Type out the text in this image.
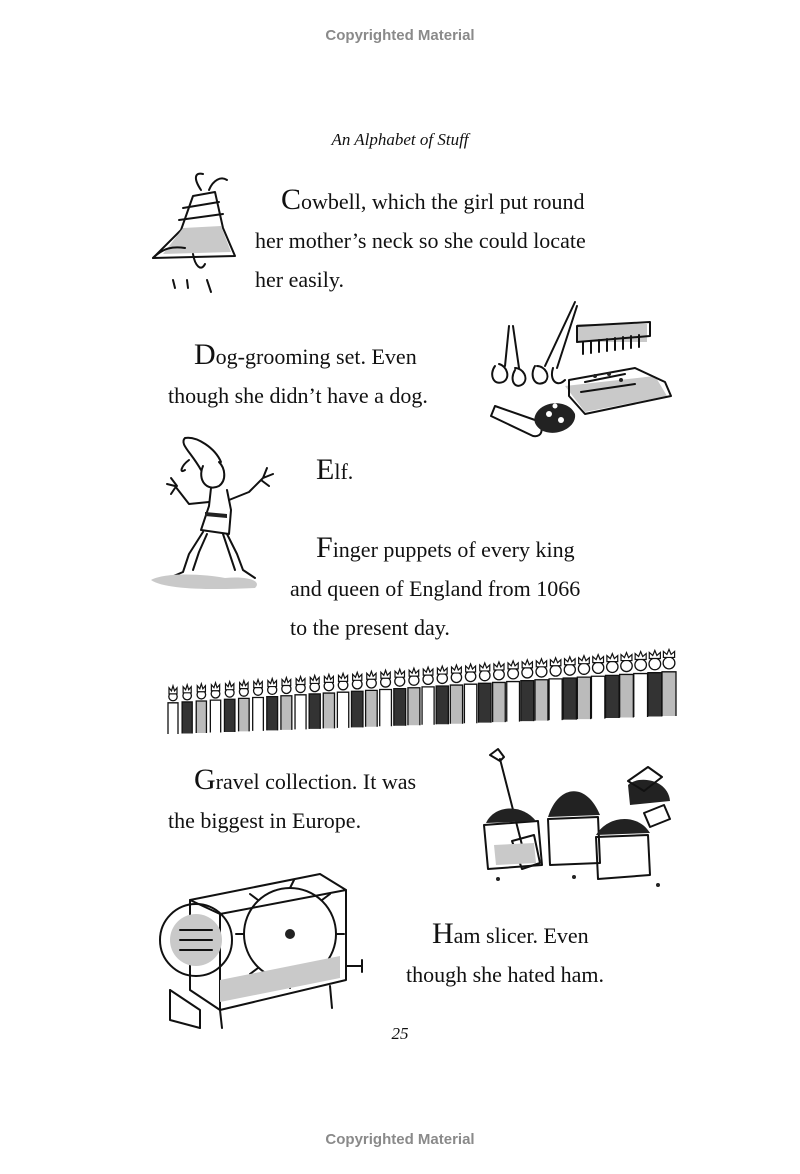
Copyrighted Material
An Alphabet of Stuff
Cowbell, which the girl put round
her mother’s neck so she could locate
her easily.
Dog-grooming set. Even
though she didn’t have a dog.
Elf.
Finger puppets of every king
and queen of England from 1066
to the present day.
Gravel collection. It was
the biggest in Europe.
Ham slicer. Even
though she hated ham.
25
Copyrighted Material
